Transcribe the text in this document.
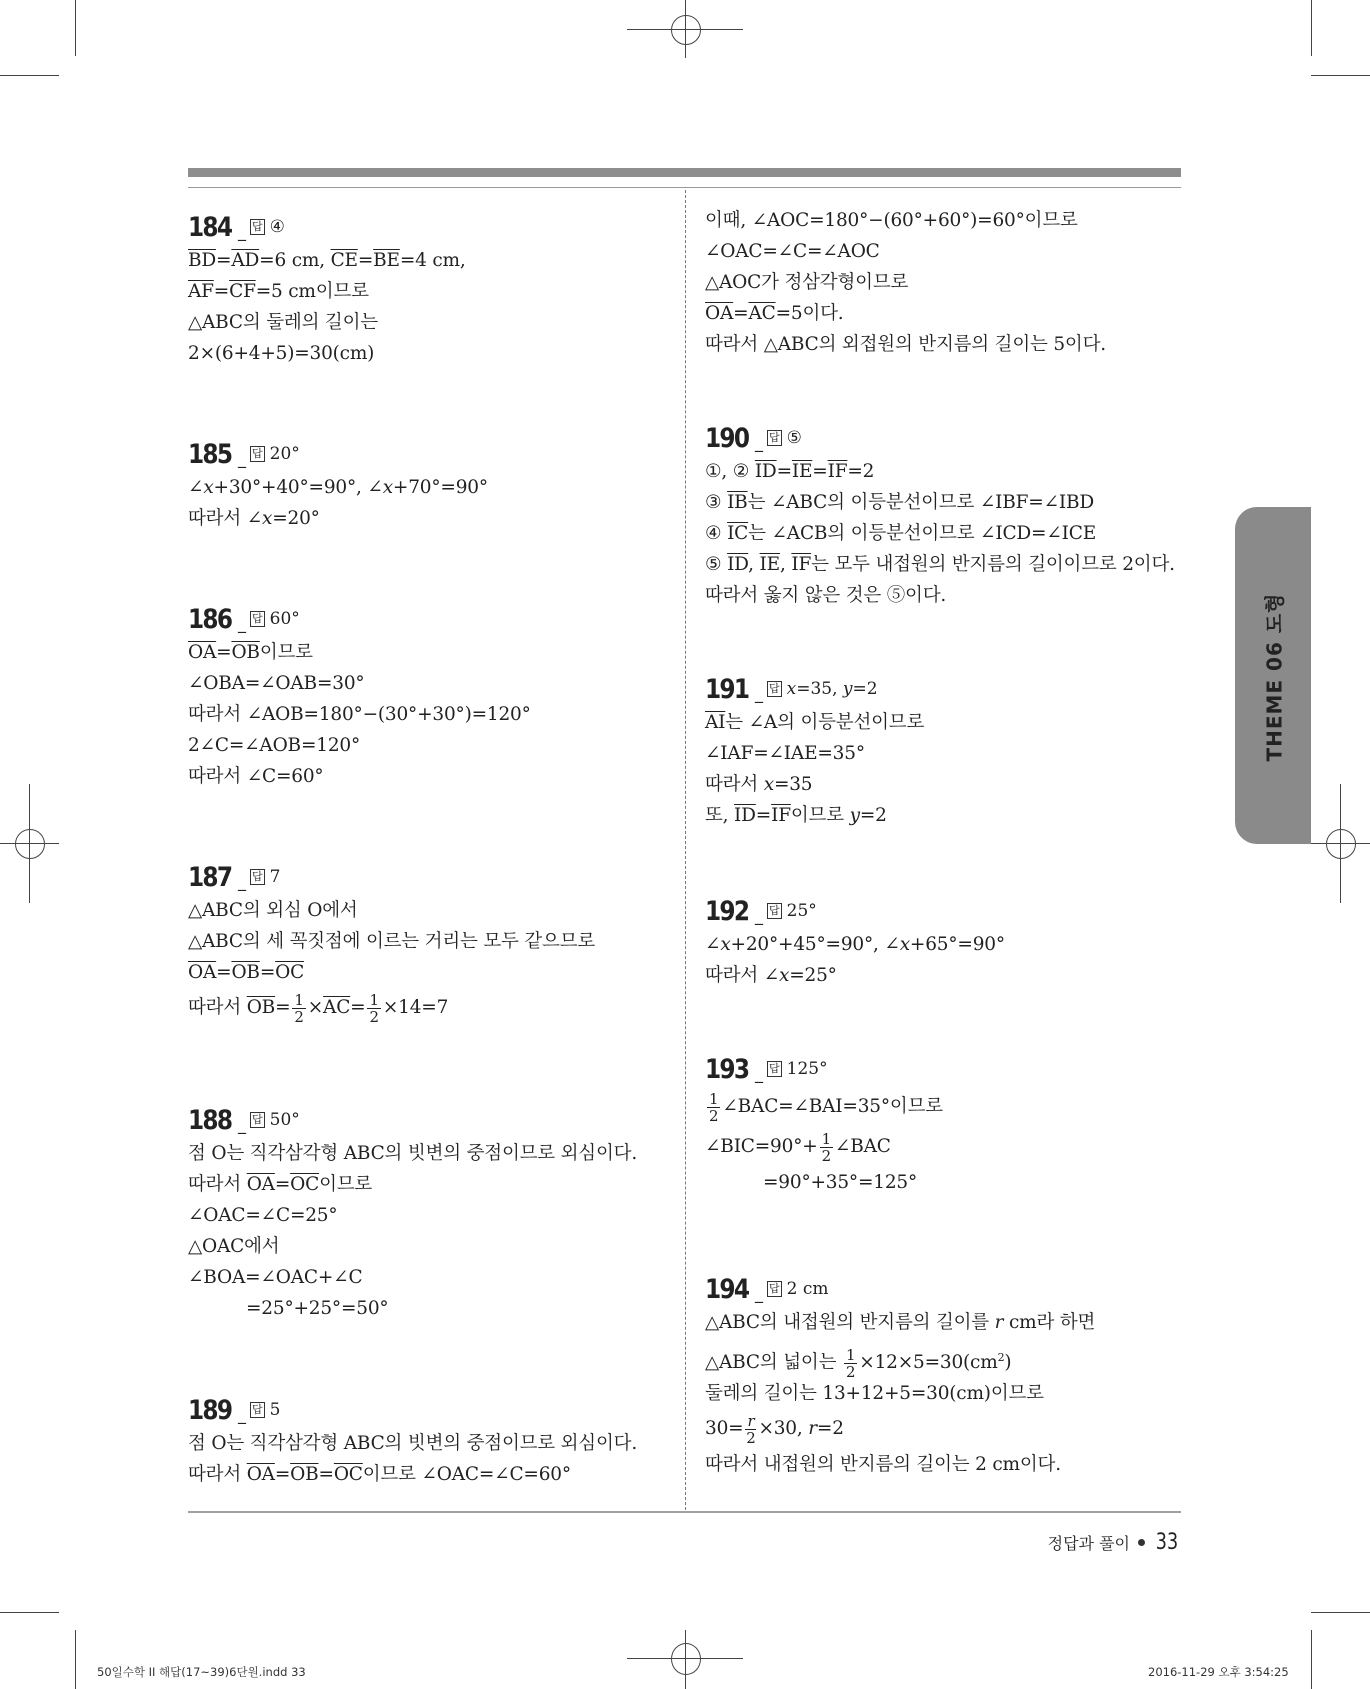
184 _ 답 ④
$\overline{BD}=\overline{AD}=6$ cm, $\overline{CE}=\overline{BE}=4$ cm,
$\overline{AF}=\overline{CF}=5$ cm이므로
△ABC의 둘레의 길이는
2×(6+4+5)=30(cm)
185 _ 답 20°
∠x+30°+40°=90°, ∠x+70°=90°
따라서 ∠x=20°
186 _ 답 60°
$\overline{OA}=\overline{OB}$이므로
∠OBA=∠OAB=30°
따라서 ∠AOB=180°−(30°+30°)=120°
2∠C=∠AOB=120°
따라서 ∠C=60°
187 _ 답 7
△ABC의 외심 O에서
△ABC의 세 꼭짓점에 이르는 거리는 모두 같으므로
$\overline{OA}=\overline{OB}=\overline{OC}$
따라서 $\overline{OB}= \frac{1}{2} \times\overline{AC}= \frac{1}{2} \times 14=7$
188 _ 답 50°
점 O는 직각삼각형 ABC의 빗변의 중점이므로 외심이다.
따라서 $\overline{OA}=\overline{OC}$이므로
∠OAC=∠C=25°
△OAC에서
∠BOA=∠OAC+∠C
=25°+25°=50°
189 _ 답 5
점 O는 직각삼각형 ABC의 빗변의 중점이므로 외심이다.
따라서 $\overline{OA}=\overline{OB}=\overline{OC}$이므로 ∠OAC=∠C=60°
이때, ∠AOC=180°−(60°+60°)=60°이므로
∠OAC=∠C=∠AOC
△AOC가 정삼각형이므로
$\overline{OA}=\overline{AC}=5$이다.
따라서 △ABC의 외접원의 반지름의 길이는 5이다.
190 _ 답 ⑤
①, ② $\overline{ID}=\overline{IE}=\overline{IF}=2$
③ $\overline{IB}$는 ∠ABC의 이등분선이므로 ∠IBF=∠IBD
④ $\overline{IC}$는 ∠ACB의 이등분선이므로 ∠ICD=∠ICE
⑤ $\overline{ID}$, $\overline{IE}$, $\overline{IF}$는 모두 내접원의 반지름의 길이이므로 2이다.
따라서 옳지 않은 것은 ⑤이다.
191 _ 답 x=35, y=2
$\overline{AI}$는 ∠A의 이등분선이므로
∠IAF=∠IAE=35°
따라서 x=35
또, $\overline{ID}=\overline{IF}$이므로 y=2
192 _ 답 25°
∠x+20°+45°=90°, ∠x+65°=90°
따라서 ∠x=25°
193 _ 답 125°
$\frac{1}{2}$ ∠BAC=∠BAI=35°이므로
∠BIC=90°+ $\frac{1}{2}$ ∠BAC
=90°+35°=125°
194 _ 답 2 cm
△ABC의 내접원의 반지름의 길이를 r cm라 하면
△ABC의 넓이는 $\frac{1}{2} \times 12\times 5=30(cm^2)$
둘레의 길이는 13+12+5=30(cm)이므로
$30= \frac{r}{2} \times 30$, r=2
따라서 내접원의 반지름의 길이는 2 cm이다.
THEME 06 도형
정답과 풀이 33
50일수학 II 해답(17~39)6단원.indd 33	2016-11-29 오후 3:54:25
